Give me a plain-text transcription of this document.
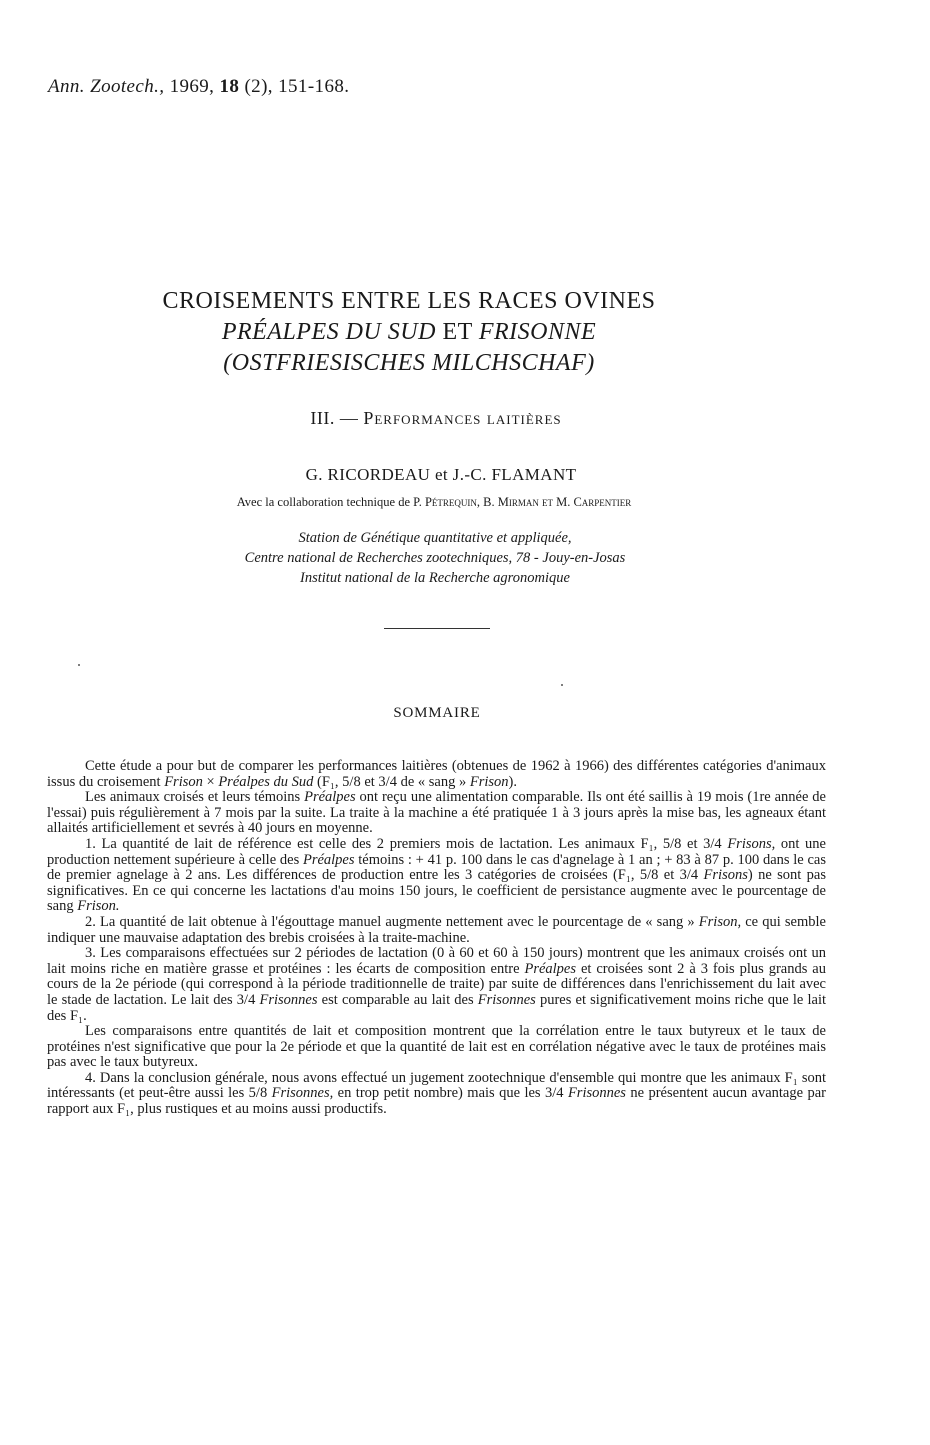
Ann. Zootech., 1969, 18 (2), 151-168.
CROISEMENTS ENTRE LES RACES OVINES
PRÉALPES DU SUD ET FRISONNE
(OSTFRIESISCHES MILCHSCHAF)
III. — Performances laitières
G. RICORDEAU et J.-C. FLAMANT
Avec la collaboration technique de P. Pétrequin, B. Mirman et M. Carpentier
Station de Génétique quantitative et appliquée,
Centre national de Recherches zootechniques, 78 - Jouy-en-Josas
Institut national de la Recherche agronomique
SOMMAIRE

Cette étude a pour but de comparer les performances laitières (obtenues de 1962 à 1966) des différentes catégories d'animaux issus du croisement Frison × Préalpes du Sud (F₁, 5/8 et 3/4 de « sang » Frison).

Les animaux croisés et leurs témoins Préalpes ont reçu une alimentation comparable. Ils ont été saillis à 19 mois (1re année de l'essai) puis régulièrement à 7 mois par la suite. La traite à la machine a été pratiquée 1 à 3 jours après la mise bas, les agneaux étant allaités artificiellement et sevrés à 40 jours en moyenne.

1. La quantité de lait de référence est celle des 2 premiers mois de lactation. Les animaux F₁, 5/8 et 3/4 Frisons, ont une production nettement supérieure à celle des Préalpes témoins : + 41 p. 100 dans le cas d'agnelage à 1 an ; + 83 à 87 p. 100 dans le cas de premier agnelage à 2 ans. Les différences de production entre les 3 catégories de croisées (F₁, 5/8 et 3/4 Frisons) ne sont pas significatives. En ce qui concerne les lactations d'au moins 150 jours, le coefficient de persistance augmente avec le pourcentage de sang Frison.

2. La quantité de lait obtenue à l'égouttage manuel augmente nettement avec le pourcentage de « sang » Frison, ce qui semble indiquer une mauvaise adaptation des brebis croisées à la traite-machine.

3. Les comparaisons effectuées sur 2 périodes de lactation (0 à 60 et 60 à 150 jours) montrent que les animaux croisés ont un lait moins riche en matière grasse et protéines : les écarts de composition entre Préalpes et croisées sont 2 à 3 fois plus grands au cours de la 2e période (qui correspond à la période traditionnelle de traite) par suite de différences dans l'enrichissement du lait avec le stade de lactation. Le lait des 3/4 Frisonnes est comparable au lait des Frisonnes pures et significativement moins riche que le lait des F₁.

Les comparaisons entre quantités de lait et composition montrent que la corrélation entre le taux butyreux et le taux de protéines n'est significative que pour la 2e période et que la quantité de lait est en corrélation négative avec le taux de protéines mais pas avec le taux butyreux.

4. Dans la conclusion générale, nous avons effectué un jugement zootechnique d'ensemble qui montre que les animaux F₁ sont intéressants (et peut-être aussi les 5/8 Frisonnes, en trop petit nombre) mais que les 3/4 Frisonnes ne présentent aucun avantage par rapport aux F₁, plus rustiques et au moins aussi productifs.
